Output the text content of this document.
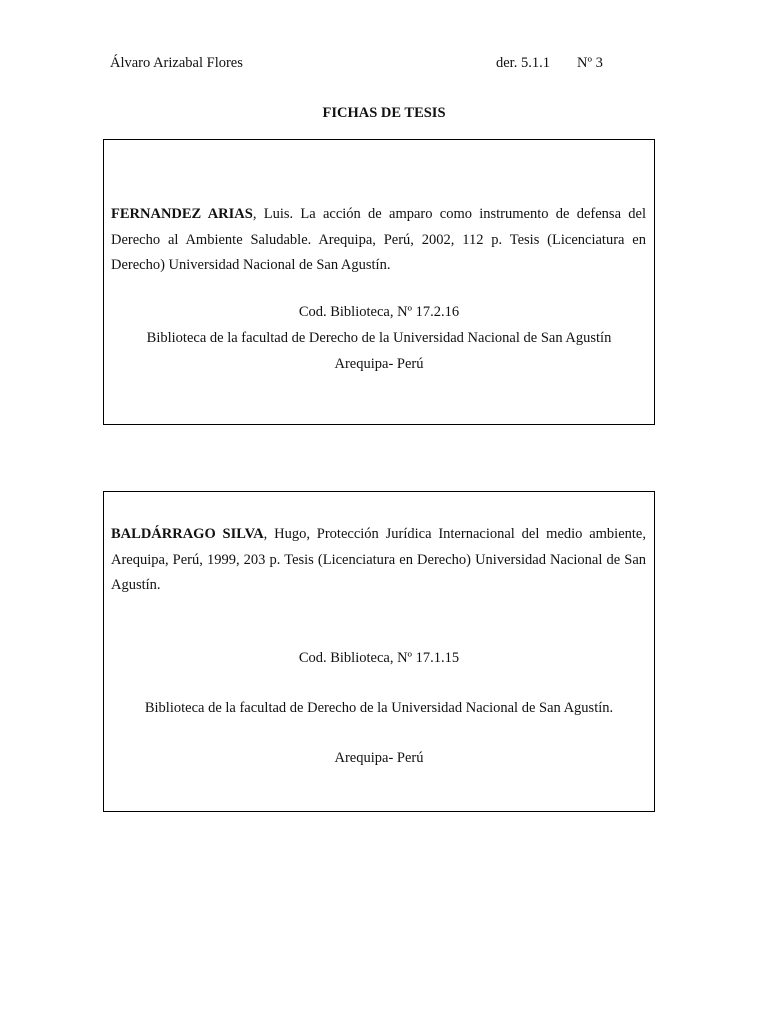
Álvaro Arizabal Flores	der. 5.1.1 Nº 3
FICHAS DE TESIS
FERNANDEZ ARIAS, Luis. La acción de amparo como instrumento de defensa del Derecho al Ambiente Saludable. Arequipa, Perú, 2002, 112 p. Tesis (Licenciatura en Derecho) Universidad Nacional de San Agustín.
Cod. Biblioteca, Nº 17.2.16
Biblioteca de la facultad de Derecho de la Universidad Nacional de San Agustín
Arequipa- Perú
BALDÁRRAGO SILVA, Hugo, Protección Jurídica Internacional del medio ambiente, Arequipa, Perú, 1999, 203 p. Tesis (Licenciatura en Derecho) Universidad Nacional de San Agustín.
Cod. Biblioteca, Nº 17.1.15
Biblioteca de la facultad de Derecho de la Universidad Nacional de San Agustín.
Arequipa- Perú
